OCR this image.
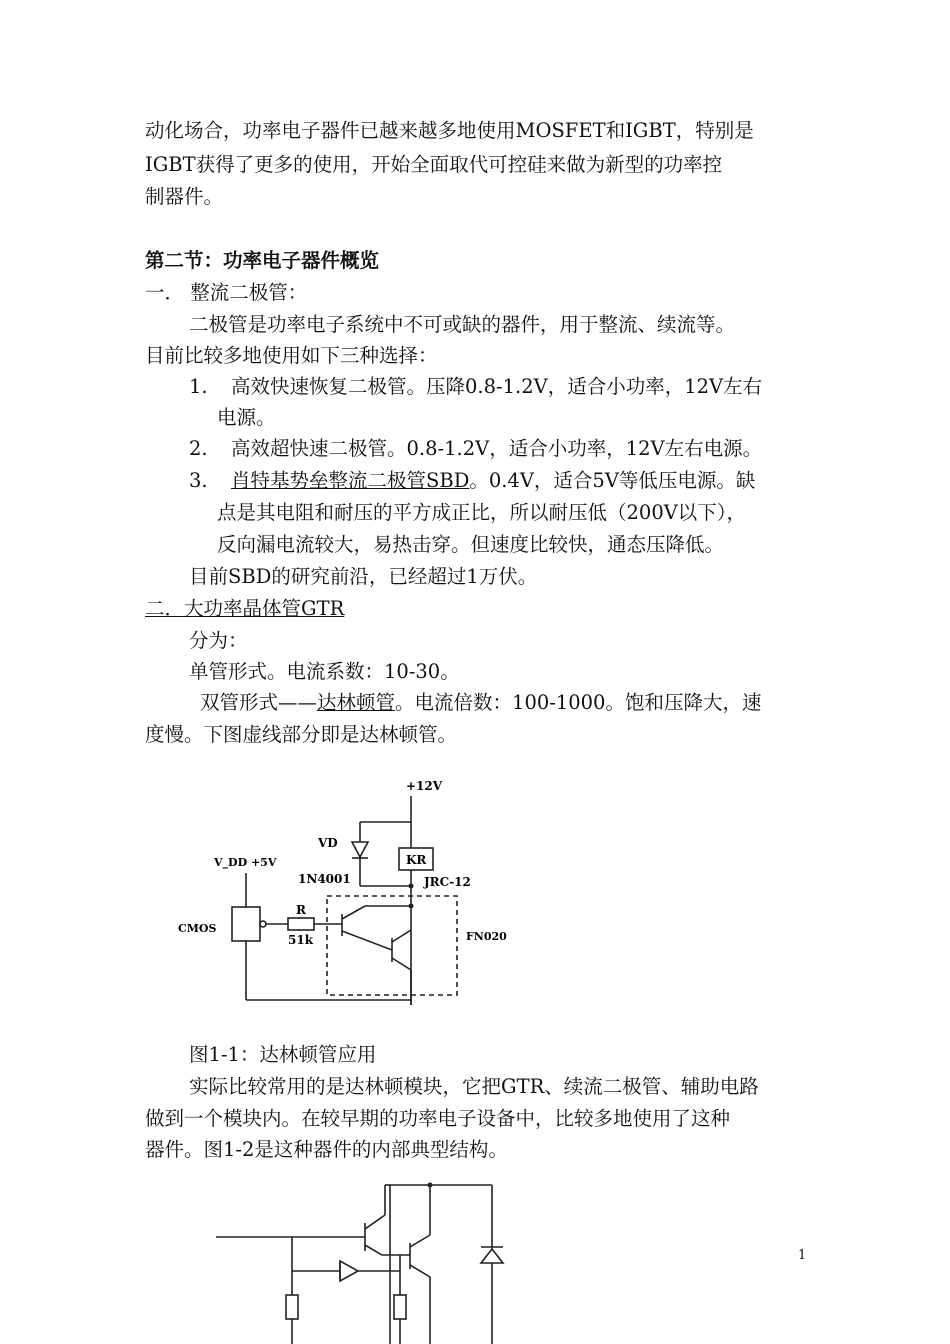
动化场合，功率电子器件已越来越多地使用MOSFET和IGBT，特别是
IGBT获得了更多的使用，开始全面取代可控硅来做为新型的功率控
制器件。
第二节：功率电子器件概览
一． 整流二极管：
二极管是功率电子系统中不可或缺的器件，用于整流、续流等。
目前比较多地使用如下三种选择：
1. 高效快速恢复二极管。压降0.8-1.2V，适合小功率，12V左右
电源。
2. 高效超快速二极管。0.8-1.2V，适合小功率，12V左右电源。
3. 肖特基势垒整流二极管SBD。0.4V，适合5V等低压电源。缺
点是其电阻和耐压的平方成正比，所以耐压低（200V以下），
反向漏电流较大，易热击穿。但速度比较快，通态压降低。
目前SBD的研究前沿，已经超过1万伏。
二．大功率晶体管GTR
分为：
单管形式。电流系数：10-30。
双管形式——达林顿管。电流倍数：100-1000。饱和压降大，速
度慢。下图虚线部分即是达林顿管。
+12V
VD
KR
1N4001	JRC-12
V_DD +5V
CMOS
R
51k	FN020
图1-1：达林顿管应用
实际比较常用的是达林顿模块，它把GTR、续流二极管、辅助电路
做到一个模块内。在较早期的功率电子设备中，比较多地使用了这种
器件。图1-2是这种器件的内部典型结构。
1
